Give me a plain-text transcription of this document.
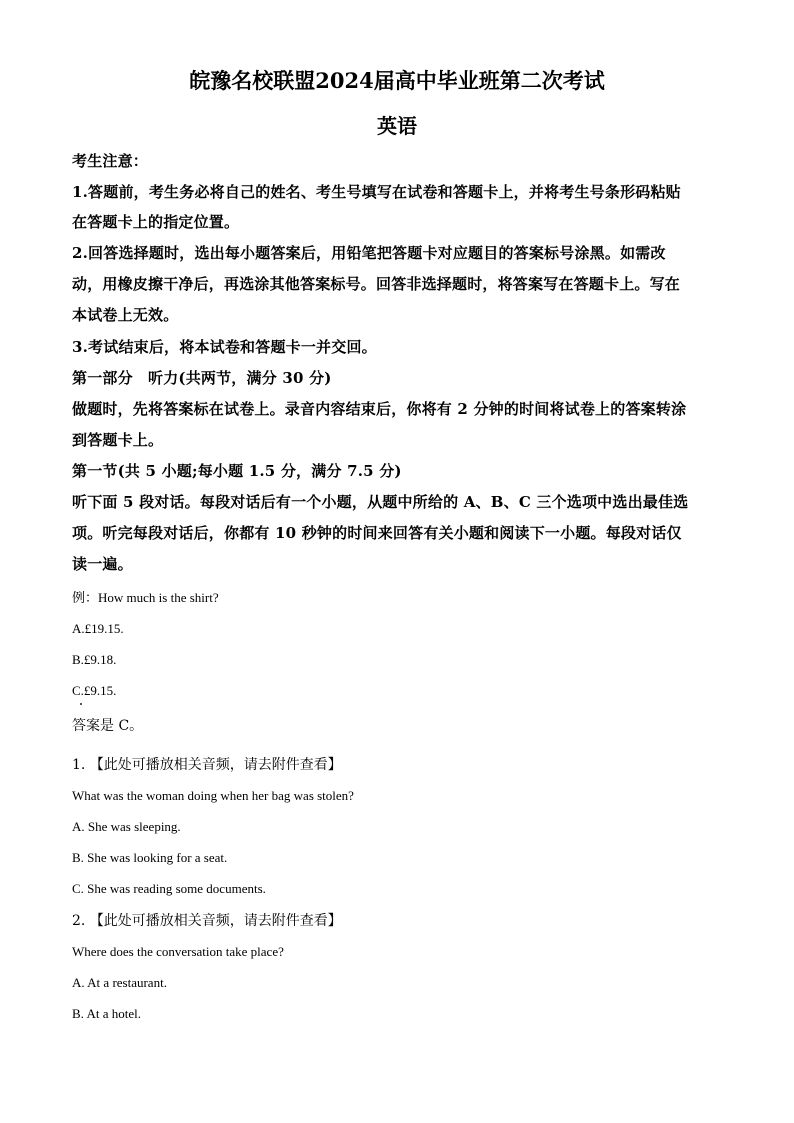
皖豫名校联盟2024届高中毕业班第二次考试
英语
考生注意：
1.答题前，考生务必将自己的姓名、考生号填写在试卷和答题卡上，并将考生号条形码粘贴
在答题卡上的指定位置。
2.回答选择题时，选出每小题答案后，用铅笔把答题卡对应题目的答案标号涂黑。如需改
动，用橡皮擦干净后，再选涂其他答案标号。回答非选择题时，将答案写在答题卡上。写在
本试卷上无效。
3.考试结束后，将本试卷和答题卡一并交回。
第一部分　听力(共两节，满分 30 分)
做题时，先将答案标在试卷上。录音内容结束后，你将有 2 分钟的时间将试卷上的答案转涂
到答题卡上。
第一节(共 5 小题;每小题 1.5 分，满分 7.5 分)
听下面 5 段对话。每段对话后有一个小题，从题中所给的 A、B、C 三个选项中选出最佳选
项。听完每段对话后，你都有 10 秒钟的时间来回答有关小题和阅读下一小题。每段对话仅
读一遍。
例：How much is the shirt?
A.£19.15.
B.£9.18.
C.£9.15.
答案是 C。
1. 【此处可播放相关音频，请去附件查看】
What was the woman doing when her bag was stolen?
A. She was sleeping.
B. She was looking for a seat.
C. She was reading some documents.
2. 【此处可播放相关音频，请去附件查看】
Where does the conversation take place?
A. At a restaurant.
B. At a hotel.
